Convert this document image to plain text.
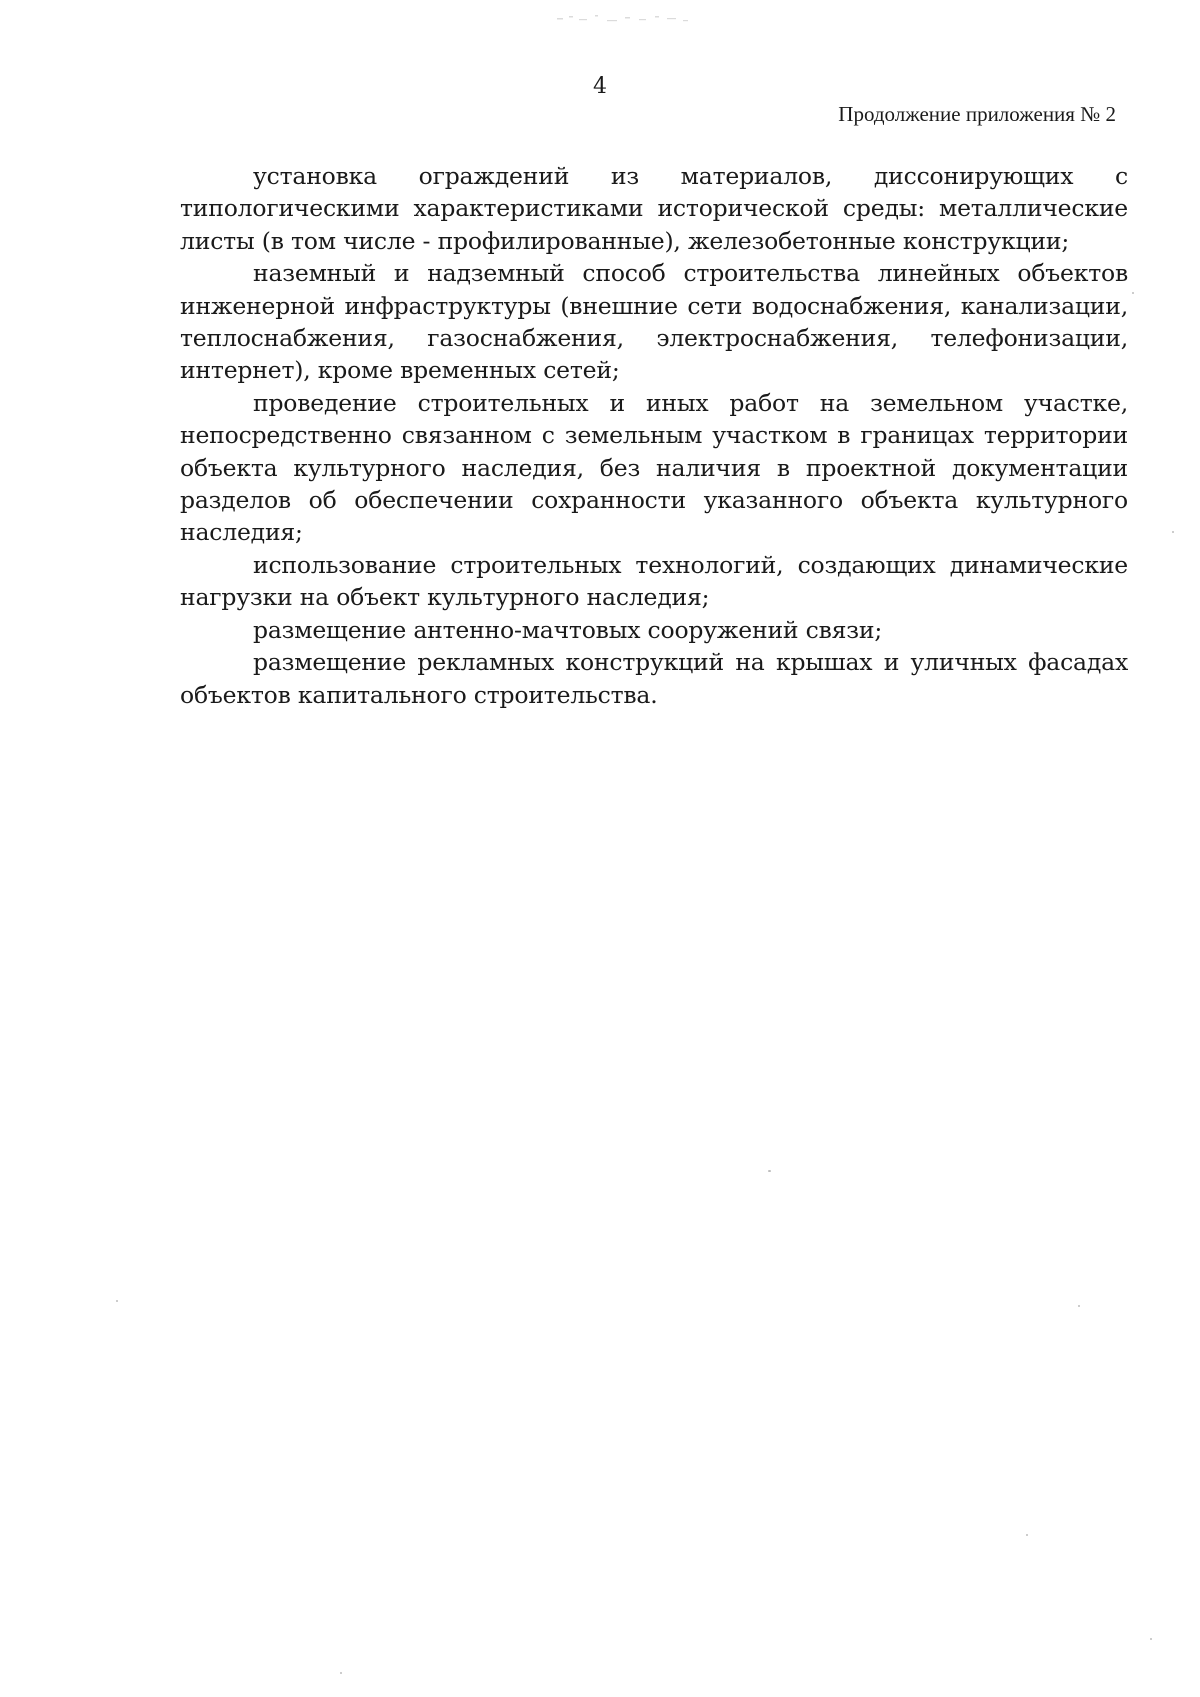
4
Продолжение приложения № 2

установка ограждений из материалов, диссонирующих с типологическими характеристиками исторической среды: металлические листы (в том числе - профилированные), железобетонные конструкции;

наземный и надземный способ строительства линейных объектов инженерной инфраструктуры (внешние сети водоснабжения, канализации, теплоснабжения, газоснабжения, электроснабжения, телефонизации, интернет), кроме временных сетей;

проведение строительных и иных работ на земельном участке, непосредственно связанном с земельным участком в границах территории объекта культурного наследия, без наличия в проектной документации разделов об обеспечении сохранности указанного объекта культурного наследия;

использование строительных технологий, создающих динамические нагрузки на объект культурного наследия;

размещение антенно-мачтовых сооружений связи;

размещение рекламных конструкций на крышах и уличных фасадах объектов капитального строительства.
